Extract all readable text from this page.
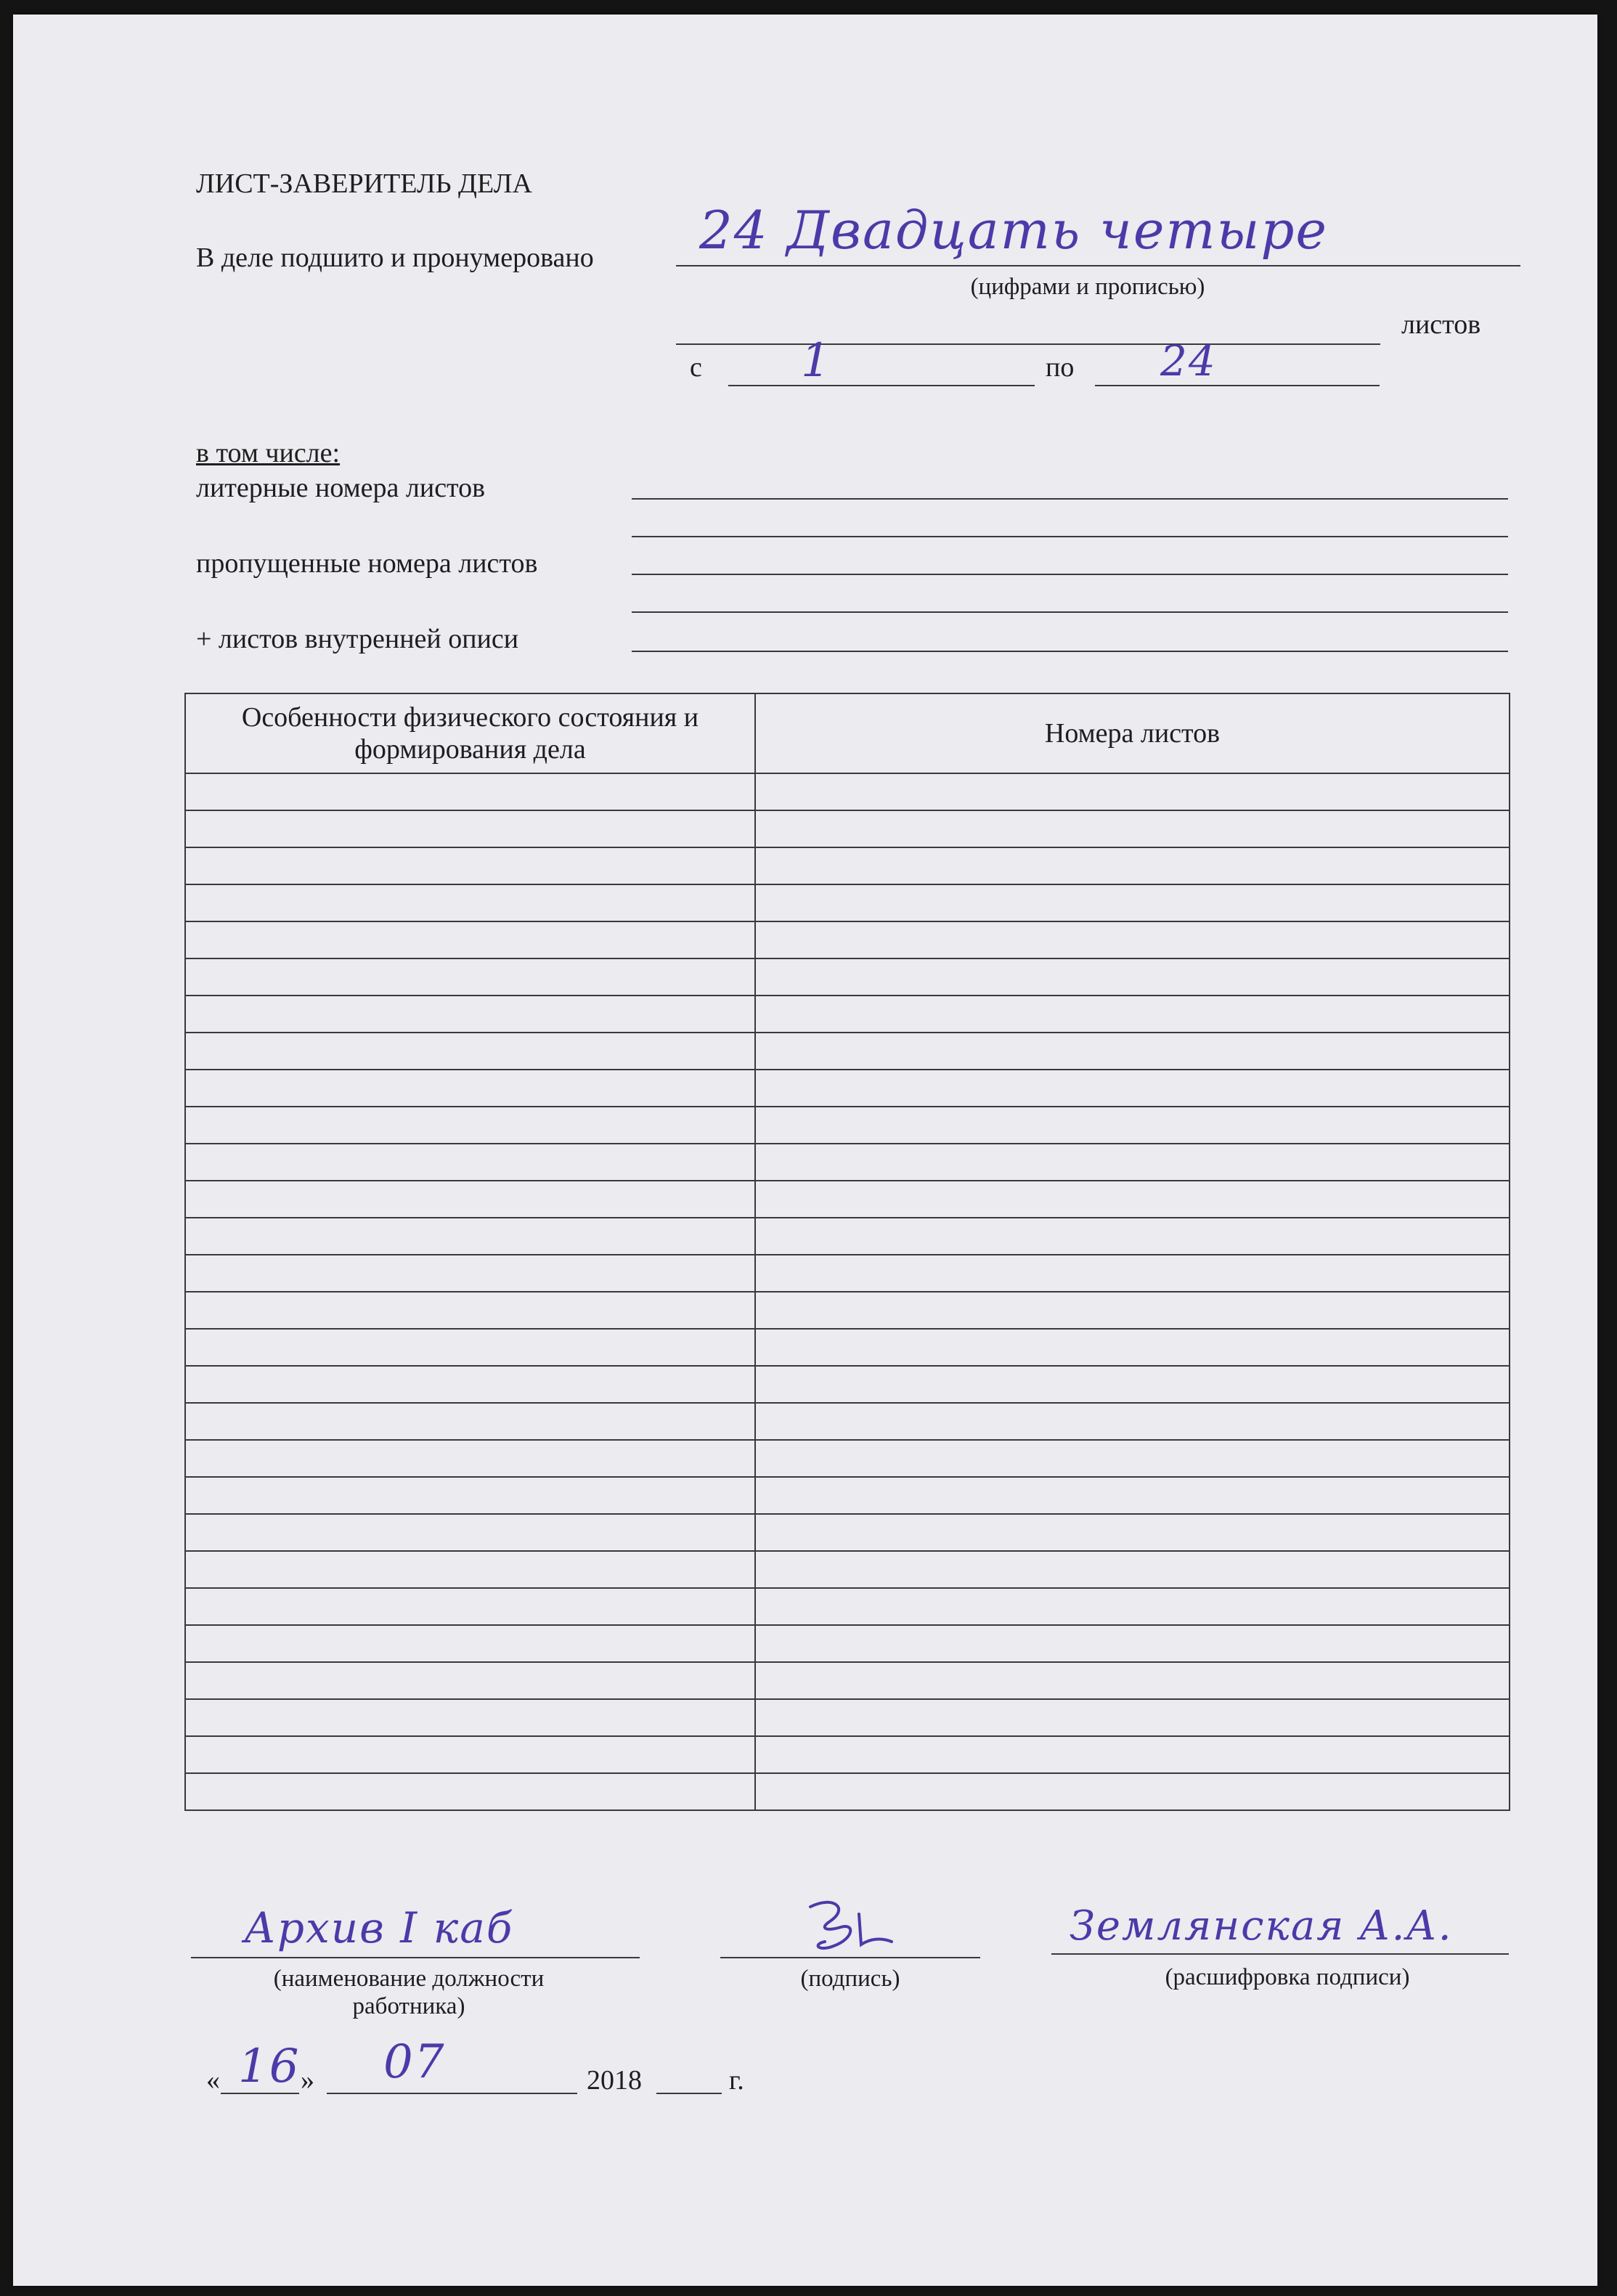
ЛИСТ-ЗАВЕРИТЕЛЬ ДЕЛА
В деле подшито и пронумеровано 24 Двадцать четыре
(цифрами и прописью)
листов
с 1	по 24
в том числе:
литерные номера листов
пропущенные номера листов
+ листов внутренней описи
Особенности физического состояния и формирования дела	Номера листов

Архив I каб
(наименование должности
работника)
(подпись)
Землянская А.А.
(расшифровка подписи)
« 16 » 07	2018	г.
